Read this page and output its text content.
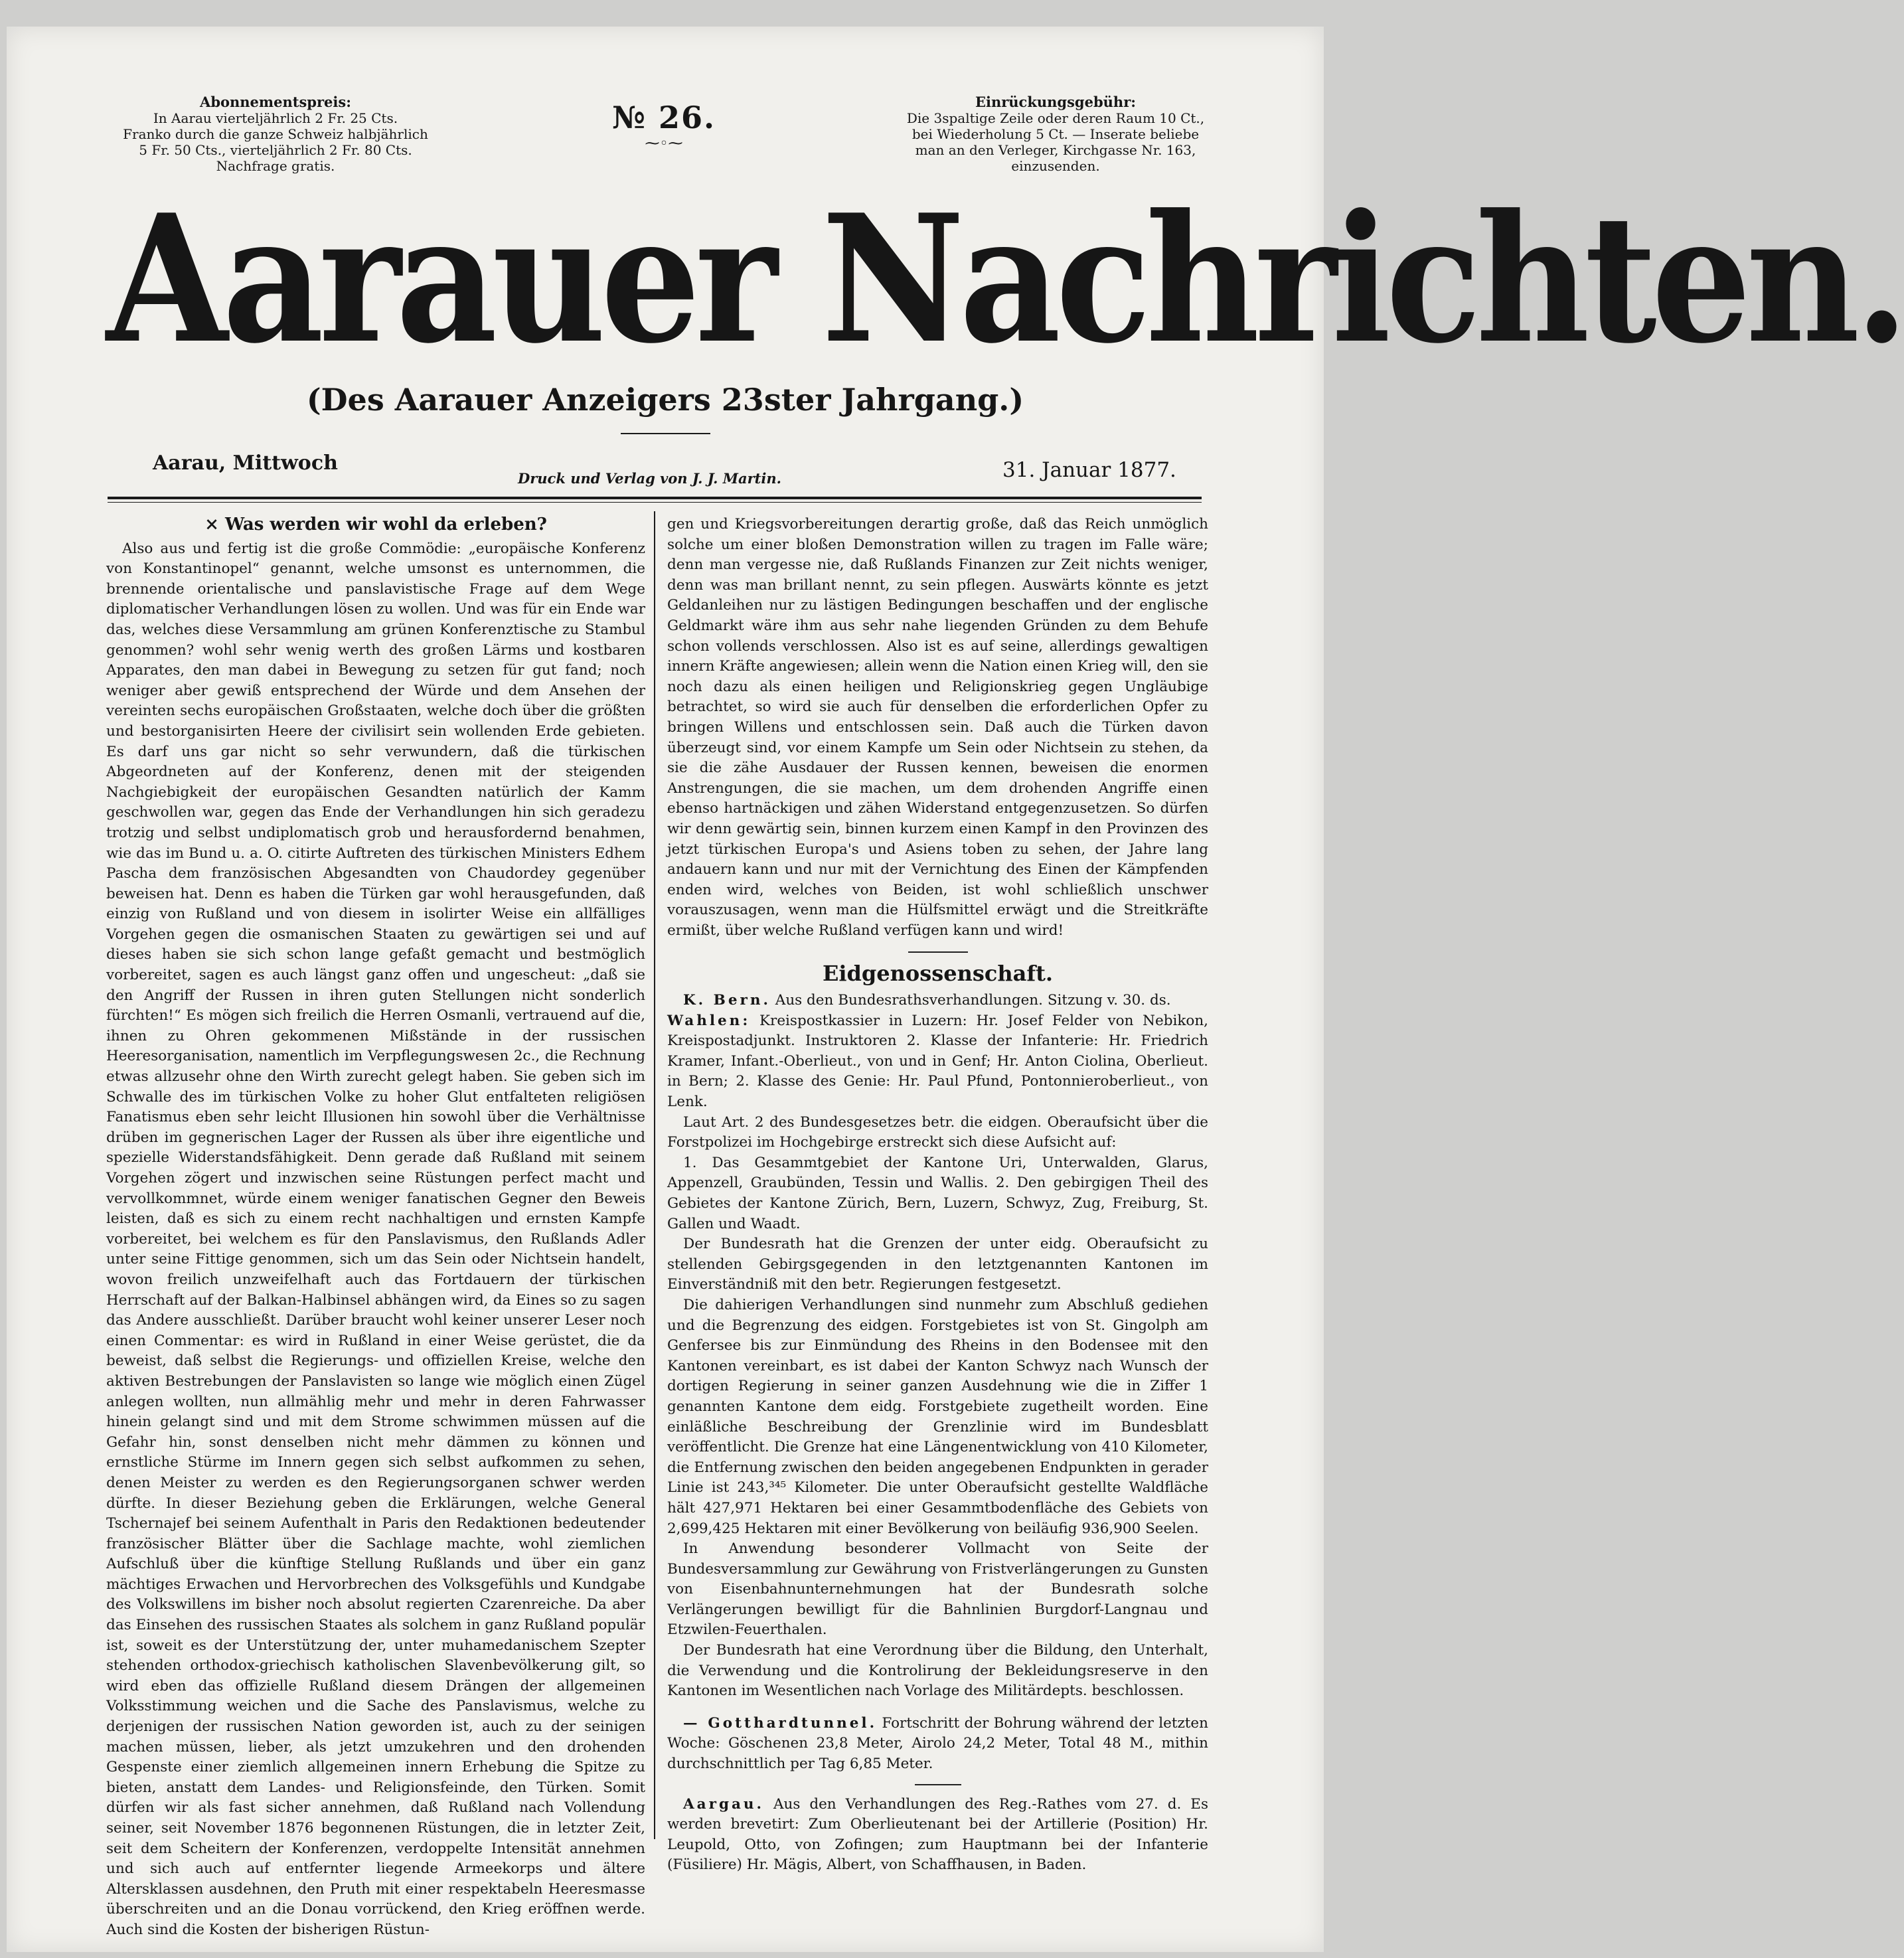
Abonnementspreis:
In Aarau vierteljährlich 2 Fr. 25 Cts.
Franko durch die ganze Schweiz halbjährlich
5 Fr. 50 Cts., vierteljährlich 2 Fr. 80 Cts.
Nachfrage gratis.
№ 26.
⁓◦⁓
Einrückungsgebühr:
Die 3spaltige Zeile oder deren Raum 10 Ct.,
bei Wiederholung 5 Ct. — Inserate beliebe
man an den Verleger, Kirchgasse Nr. 163,
einzusenden.
Aarauer Nachrichten.
(Des Aarauer Anzeigers 23ster Jahrgang.)
Aarau, Mittwoch
Druck und Verlag von J. J. Martin.	31. Januar 1877.
× Was werden wir wohl da erleben?

Also aus und fertig ist die große Commödie: „europäische Konferenz von Konstantinopel“ genannt, welche umsonst es unternommen, die brennende orientalische und panslavistische Frage auf dem Wege diplomatischer Verhandlungen lösen zu wollen. Und was für ein Ende war das, welches diese Versammlung am grünen Konferenztische zu Stambul genommen? wohl sehr wenig werth des großen Lärms und kostbaren Apparates, den man dabei in Bewegung zu setzen für gut fand; noch weniger aber gewiß entsprechend der Würde und dem Ansehen der vereinten sechs europäischen Großstaaten, welche doch über die größten und bestorganisirten Heere der civilisirt sein wollenden Erde gebieten. Es darf uns gar nicht so sehr verwundern, daß die türkischen Abgeordneten auf der Konferenz, denen mit der steigenden Nachgiebigkeit der europäischen Gesandten natürlich der Kamm geschwollen war, gegen das Ende der Verhandlungen hin sich geradezu trotzig und selbst undiplomatisch grob und herausfordernd benahmen, wie das im Bund u. a. O. citirte Auftreten des türkischen Ministers Edhem Pascha dem französischen Abgesandten von Chaudordey gegenüber beweisen hat. Denn es haben die Türken gar wohl herausgefunden, daß einzig von Rußland und von diesem in isolirter Weise ein allfälliges Vorgehen gegen die osmanischen Staaten zu gewärtigen sei und auf dieses haben sie sich schon lange gefaßt gemacht und bestmöglich vorbereitet, sagen es auch längst ganz offen und ungescheut: „daß sie den Angriff der Russen in ihren guten Stellungen nicht sonderlich fürchten!“ Es mögen sich freilich die Herren Osmanli, vertrauend auf die, ihnen zu Ohren gekommenen Mißstände in der russischen Heeresorganisation, namentlich im Verpflegungswesen 2c., die Rechnung etwas allzusehr ohne den Wirth zurecht gelegt haben. Sie geben sich im Schwalle des im türkischen Volke zu hoher Glut entfalteten religiösen Fanatismus eben sehr leicht Illusionen hin sowohl über die Verhältnisse drüben im gegnerischen Lager der Russen als über ihre eigentliche und spezielle Widerstandsfähigkeit. Denn gerade daß Rußland mit seinem Vorgehen zögert und inzwischen seine Rüstungen perfect macht und vervollkommnet, würde einem weniger fanatischen Gegner den Beweis leisten, daß es sich zu einem recht nachhaltigen und ernsten Kampfe vorbereitet, bei welchem es für den Panslavismus, den Rußlands Adler unter seine Fittige genommen, sich um das Sein oder Nichtsein handelt, wovon freilich unzweifelhaft auch das Fortdauern der türkischen Herrschaft auf der Balkan-Halbinsel abhängen wird, da Eines so zu sagen das Andere ausschließt. Darüber braucht wohl keiner unserer Leser noch einen Commentar: es wird in Rußland in einer Weise gerüstet, die da beweist, daß selbst die Regierungs- und offiziellen Kreise, welche den aktiven Bestrebungen der Panslavisten so lange wie möglich einen Zügel anlegen wollten, nun allmählig mehr und mehr in deren Fahrwasser hinein gelangt sind und mit dem Strome schwimmen müssen auf die Gefahr hin, sonst denselben nicht mehr dämmen zu können und ernstliche Stürme im Innern gegen sich selbst aufkommen zu sehen, denen Meister zu werden es den Regierungsorganen schwer werden dürfte. In dieser Beziehung geben die Erklärungen, welche General Tschernajef bei seinem Aufenthalt in Paris den Redaktionen bedeutender französischer Blätter über die Sachlage machte, wohl ziemlichen Aufschluß über die künftige Stellung Rußlands und über ein ganz mächtiges Erwachen und Hervorbrechen des Volksgefühls und Kundgabe des Volkswillens im bisher noch absolut regierten Czarenreiche. Da aber das Einsehen des russischen Staates als solchem in ganz Rußland populär ist, soweit es der Unterstützung der, unter muhamedanischem Szepter stehenden orthodox-griechisch katholischen Slavenbevölkerung gilt, so wird eben das offizielle Rußland diesem Drängen der allgemeinen Volksstimmung weichen und die Sache des Panslavismus, welche zu derjenigen der russischen Nation geworden ist, auch zu der seinigen machen müssen, lieber, als jetzt umzukehren und den drohenden Gespenste einer ziemlich allgemeinen innern Erhebung die Spitze zu bieten, anstatt dem Landes- und Religionsfeinde, den Türken. Somit dürfen wir als fast sicher annehmen, daß Rußland nach Vollendung seiner, seit November 1876 begonnenen Rüstungen, die in letzter Zeit, seit dem Scheitern der Konferenzen, verdoppelte Intensität annehmen und sich auch auf entfernter liegende Armeekorps und ältere Altersklassen ausdehnen, den Pruth mit einer respektabeln Heeresmasse überschreiten und an die Donau vorrückend, den Krieg eröffnen werde. Auch sind die Kosten der bisherigen Rüstun-

gen und Kriegsvorbereitungen derartig große, daß das Reich unmöglich solche um einer bloßen Demonstration willen zu tragen im Falle wäre; denn man vergesse nie, daß Rußlands Finanzen zur Zeit nichts weniger, denn was man brillant nennt, zu sein pflegen. Auswärts könnte es jetzt Geldanleihen nur zu lästigen Bedingungen beschaffen und der englische Geldmarkt wäre ihm aus sehr nahe liegenden Gründen zu dem Behufe schon vollends verschlossen. Also ist es auf seine, allerdings gewaltigen innern Kräfte angewiesen; allein wenn die Nation einen Krieg will, den sie noch dazu als einen heiligen und Religionskrieg gegen Ungläubige betrachtet, so wird sie auch für denselben die erforderlichen Opfer zu bringen Willens und entschlossen sein. Daß auch die Türken davon überzeugt sind, vor einem Kampfe um Sein oder Nichtsein zu stehen, da sie die zähe Ausdauer der Russen kennen, beweisen die enormen Anstrengungen, die sie machen, um dem drohenden Angriffe einen ebenso hartnäckigen und zähen Widerstand entgegenzusetzen. So dürfen wir denn gewärtig sein, binnen kurzem einen Kampf in den Provinzen des jetzt türkischen Europa's und Asiens toben zu sehen, der Jahre lang andauern kann und nur mit der Vernichtung des Einen der Kämpfenden enden wird, welches von Beiden, ist wohl schließlich unschwer vorauszusagen, wenn man die Hülfsmittel erwägt und die Streitkräfte ermißt, über welche Rußland verfügen kann und wird!

Eidgenossenschaft.

K. Bern. Aus den Bundesrathsverhandlungen. Sitzung v. 30. ds.

Wahlen: Kreispostkassier in Luzern: Hr. Josef Felder von Nebikon, Kreispostadjunkt. Instruktoren 2. Klasse der Infanterie: Hr. Friedrich Kramer, Infant.-Oberlieut., von und in Genf; Hr. Anton Ciolina, Oberlieut. in Bern; 2. Klasse des Genie: Hr. Paul Pfund, Pontonnieroberlieut., von Lenk.

Laut Art. 2 des Bundesgesetzes betr. die eidgen. Oberaufsicht über die Forstpolizei im Hochgebirge erstreckt sich diese Aufsicht auf:

1. Das Gesammtgebiet der Kantone Uri, Unterwalden, Glarus, Appenzell, Graubünden, Tessin und Wallis. 2. Den gebirgigen Theil des Gebietes der Kantone Zürich, Bern, Luzern, Schwyz, Zug, Freiburg, St. Gallen und Waadt.

Der Bundesrath hat die Grenzen der unter eidg. Oberaufsicht zu stellenden Gebirgsgegenden in den letztgenannten Kantonen im Einverständniß mit den betr. Regierungen festgesetzt.

Die dahierigen Verhandlungen sind nunmehr zum Abschluß gediehen und die Begrenzung des eidgen. Forstgebietes ist von St. Gingolph am Genfersee bis zur Einmündung des Rheins in den Bodensee mit den Kantonen vereinbart, es ist dabei der Kanton Schwyz nach Wunsch der dortigen Regierung in seiner ganzen Ausdehnung wie die in Ziffer 1 genannten Kantone dem eidg. Forstgebiete zugetheilt worden. Eine einläßliche Beschreibung der Grenzlinie wird im Bundesblatt veröffentlicht. Die Grenze hat eine Längenentwicklung von 410 Kilometer, die Entfernung zwischen den beiden angegebenen Endpunkten in gerader Linie ist 243,³⁴⁵ Kilometer. Die unter Oberaufsicht gestellte Waldfläche hält 427,971 Hektaren bei einer Gesammtbodenfläche des Gebiets von 2,699,425 Hektaren mit einer Bevölkerung von beiläufig 936,900 Seelen.

In Anwendung besonderer Vollmacht von Seite der Bundesversammlung zur Gewährung von Fristverlängerungen zu Gunsten von Eisenbahnunternehmungen hat der Bundesrath solche Verlängerungen bewilligt für die Bahnlinien Burgdorf-Langnau und Etzwilen-Feuerthalen.

Der Bundesrath hat eine Verordnung über die Bildung, den Unterhalt, die Verwendung und die Kontrolirung der Bekleidungsreserve in den Kantonen im Wesentlichen nach Vorlage des Militärdepts. beschlossen.

— Gotthardtunnel. Fortschritt der Bohrung während der letzten Woche: Göschenen 23,8 Meter, Airolo 24,2 Meter, Total 48 M., mithin durchschnittlich per Tag 6,85 Meter.

Aargau. Aus den Verhandlungen des Reg.-Rathes vom 27. d. Es werden brevetirt: Zum Oberlieutenant bei der Artillerie (Position) Hr. Leupold, Otto, von Zofingen; zum Hauptmann bei der Infanterie (Füsiliere) Hr. Mägis, Albert, von Schaffhausen, in Baden.
